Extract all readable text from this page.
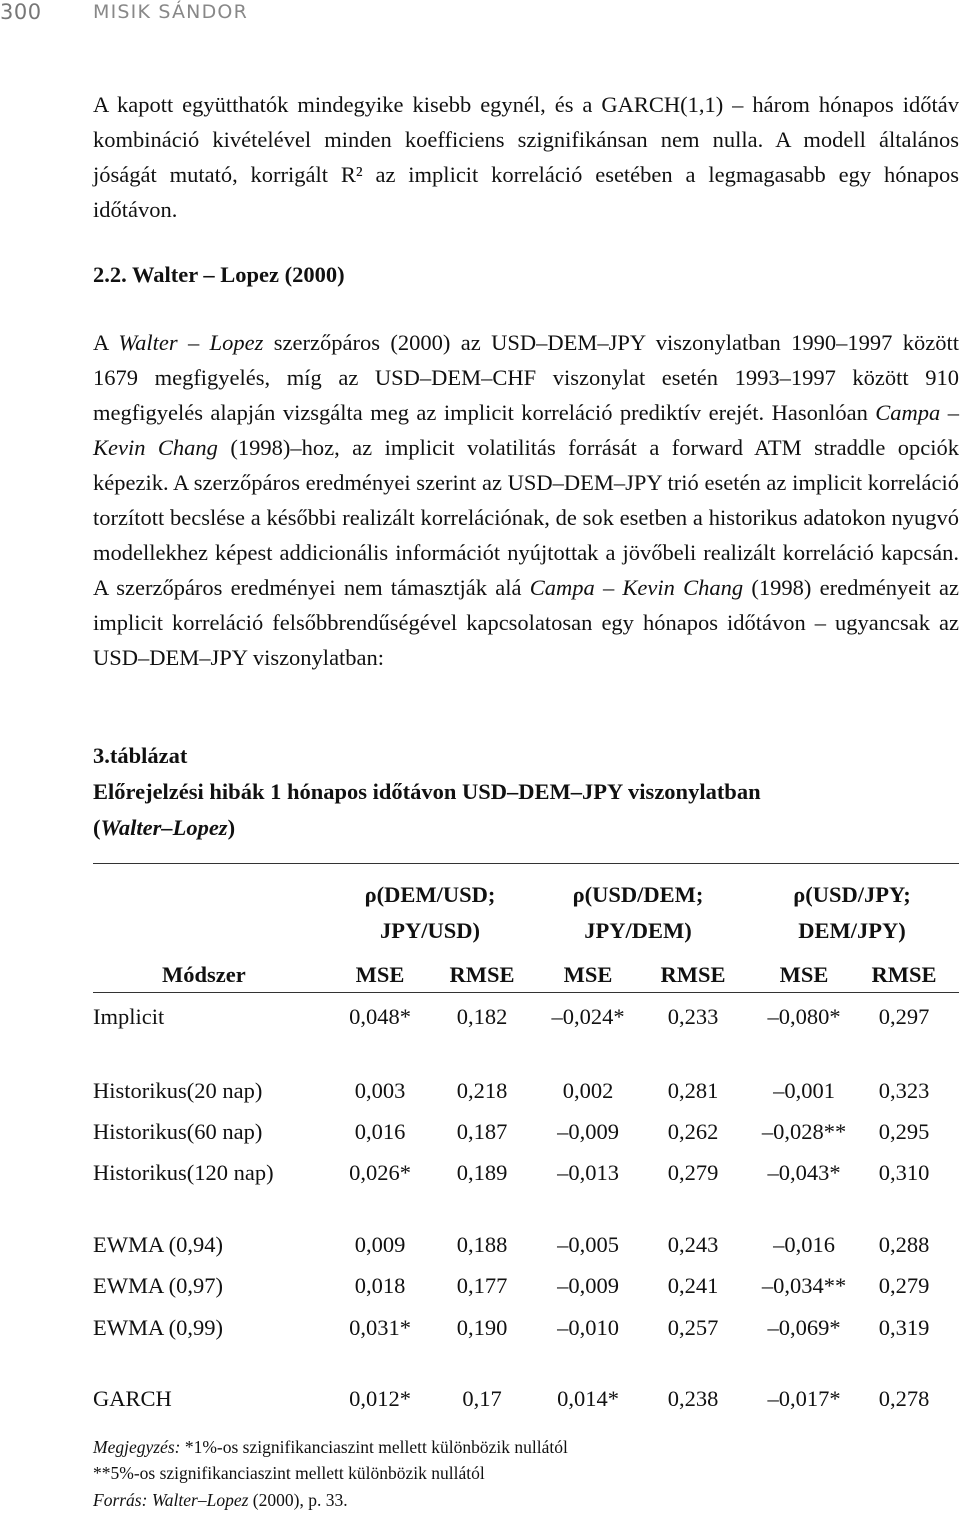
300	MISIK SÁNDOR

A kapott együtthatók mindegyike kisebb egynél, és a GARCH(1,1) – három hónapos időtáv kombináció kivételével minden koefficiens szignifikánsan nem nulla. A modell általános jóságát mutató, korrigált R² az implicit korreláció esetében a legmagasabb egy hónapos időtávon.

2.2. Walter – Lopez (2000)

A Walter – Lopez szerzőpáros (2000) az USD–DEM–JPY viszonylatban 1990–1997 között 1679 megfigyelés, míg az USD–DEM–CHF viszonylat esetén 1993–1997 között 910 megfigyelés alapján vizsgálta meg az implicit korreláció prediktív erejét. Hasonlóan Campa – Kevin Chang (1998)–hoz, az implicit volatilitás forrását a forward ATM straddle opciók képezik. A szerzőpáros eredményei szerint az USD–DEM–JPY trió esetén az implicit korreláció torzított becslése a későbbi realizált korrelációnak, de sok esetben a historikus adatokon nyugvó modellekhez képest addicionális információt nyújtottak a jövőbeli realizált korreláció kapcsán. A szerzőpáros eredményei nem támasztják alá Campa – Kevin Chang (1998) eredményeit az implicit korreláció felsőbbrendűségével kapcsolatosan egy hónapos időtávon – ugyancsak az USD–DEM–JPY viszonylatban:

3.táblázat

Előrejelzési hibák 1 hónapos időtávon USD–DEM–JPY viszonylatban

(Walter–Lopez)

ρ(DEM/USD;
JPY/USD)
ρ(USD/DEM;
JPY/DEM)
ρ(USD/JPY;
DEM/JPY)
Módszer	MSE RMSE MSE RMSE MSE RMSE
Implicit	0,048* 0,182 –0,024* 0,233 –0,080* 0,297
Historikus(20 nap)	0,003 0,218 0,002 0,281 –0,001 0,323
Historikus(60 nap)	0,016 0,187 –0,009 0,262 –0,028** 0,295
Historikus(120 nap)	0,026* 0,189 –0,013 0,279 –0,043* 0,310
EWMA (0,94)	0,009 0,188 –0,005 0,243 –0,016 0,288
EWMA (0,97)	0,018 0,177 –0,009 0,241 –0,034** 0,279
EWMA (0,99)	0,031* 0,190 –0,010 0,257 –0,069* 0,319
GARCH	0,012* 0,17 0,014* 0,238 –0,017* 0,278

Megjegyzés: *1%-os szignifikanciaszint mellett különbözik nullától

**5%-os szignifikanciaszint mellett különbözik nullától

Forrás: Walter–Lopez (2000), p. 33.
